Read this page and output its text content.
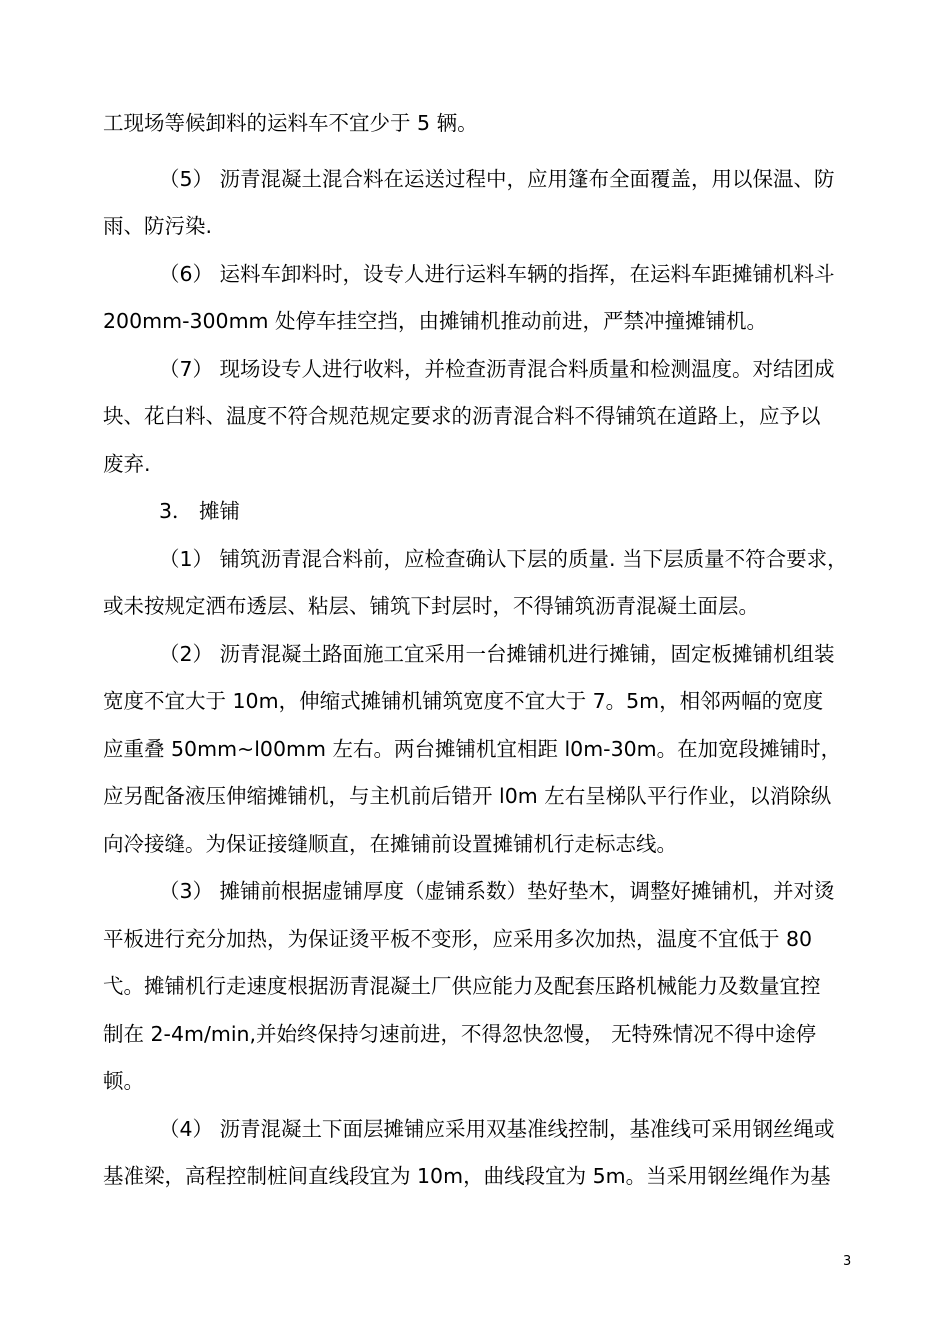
工现场等候卸料的运料车不宜少于 5 辆。
（5） 沥青混凝土混合料在运送过程中，应用篷布全面覆盖，用以保温、防
雨、防污染.
（6） 运料车卸料时，设专人进行运料车辆的指挥，在运料车距摊铺机料斗
200mm-300mm 处停车挂空挡，由摊铺机推动前进，严禁冲撞摊铺机。
（7） 现场设专人进行收料，并检查沥青混合料质量和检测温度。对结团成
块、花白料、温度不符合规范规定要求的沥青混合料不得铺筑在道路上，应予以
废弃.
3． 摊铺
（1） 铺筑沥青混合料前，应检查确认下层的质量. 当下层质量不符合要求，
或未按规定洒布透层、粘层、铺筑下封层时，不得铺筑沥青混凝土面层。
（2） 沥青混凝土路面施工宜采用一台摊铺机进行摊铺，固定板摊铺机组装
宽度不宜大于 10m，伸缩式摊铺机铺筑宽度不宜大于 7。5m，相邻两幅的宽度
应重叠 50mm~l00mm 左右。两台摊铺机宜相距 l0m-30m。在加宽段摊铺时，
应另配备液压伸缩摊铺机，与主机前后错开 l0m 左右呈梯队平行作业，以消除纵
向冷接缝。为保证接缝顺直，在摊铺前设置摊铺机行走标志线。
（3） 摊铺前根据虚铺厚度（虚铺系数）垫好垫木，调整好摊铺机，并对烫
平板进行充分加热，为保证烫平板不变形，应采用多次加热，温度不宜低于 80
弋。摊铺机行走速度根据沥青混凝土厂供应能力及配套压路机械能力及数量宜控
制在 2-4m/min,并始终保持匀速前进，不得忽快忽慢， 无特殊情况不得中途停
顿。
（4） 沥青混凝土下面层摊铺应采用双基准线控制，基准线可采用钢丝绳或
基准梁，高程控制桩间直线段宜为 10m，曲线段宜为 5m。当采用钢丝绳作为基
3
